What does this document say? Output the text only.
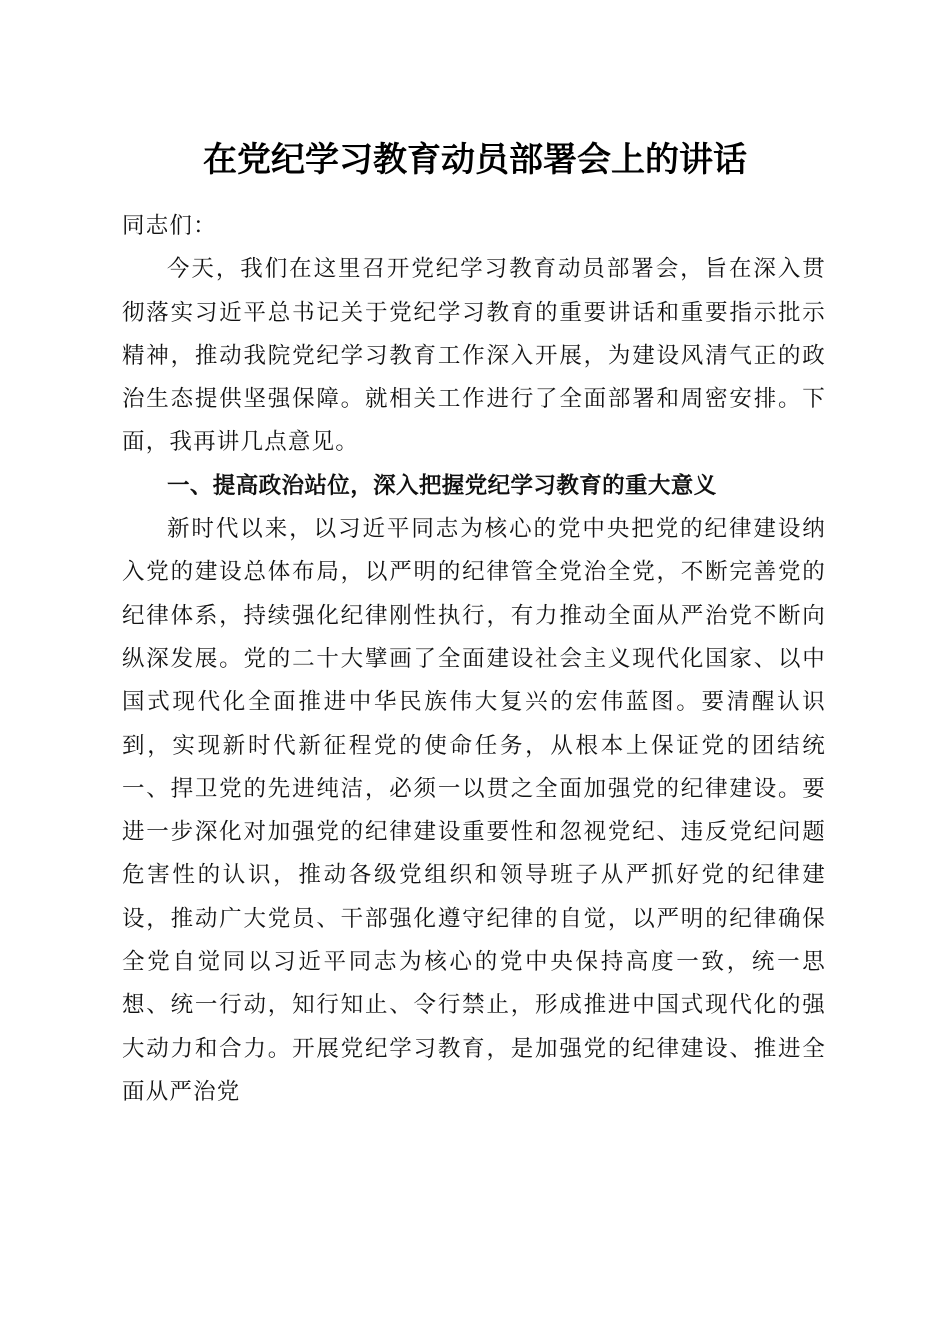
在党纪学习教育动员部署会上的讲话

同志们：

今天，我们在这里召开党纪学习教育动员部署会，旨在深入贯彻落实习近平总书记关于党纪学习教育的重要讲话和重要指示批示精神，推动我院党纪学习教育工作深入开展，为建设风清气正的政治生态提供坚强保障。就相关工作进行了全面部署和周密安排。下面，我再讲几点意见。

一、提高政治站位，深入把握党纪学习教育的重大意义

新时代以来，以习近平同志为核心的党中央把党的纪律建设纳入党的建设总体布局，以严明的纪律管全党治全党，不断完善党的纪律体系，持续强化纪律刚性执行，有力推动全面从严治党不断向纵深发展。党的二十大擘画了全面建设社会主义现代化国家、以中国式现代化全面推进中华民族伟大复兴的宏伟蓝图。要清醒认识到，实现新时代新征程党的使命任务，从根本上保证党的团结统一、捍卫党的先进纯洁，必须一以贯之全面加强党的纪律建设。要进一步深化对加强党的纪律建设重要性和忽视党纪、违反党纪问题危害性的认识，推动各级党组织和领导班子从严抓好党的纪律建设，推动广大党员、干部强化遵守纪律的自觉，以严明的纪律确保全党自觉同以习近平同志为核心的党中央保持高度一致，统一思想、统一行动，知行知止、令行禁止，形成推进中国式现代化的强大动力和合力。开展党纪学习教育，是加强党的纪律建设、推进全面从严治党
